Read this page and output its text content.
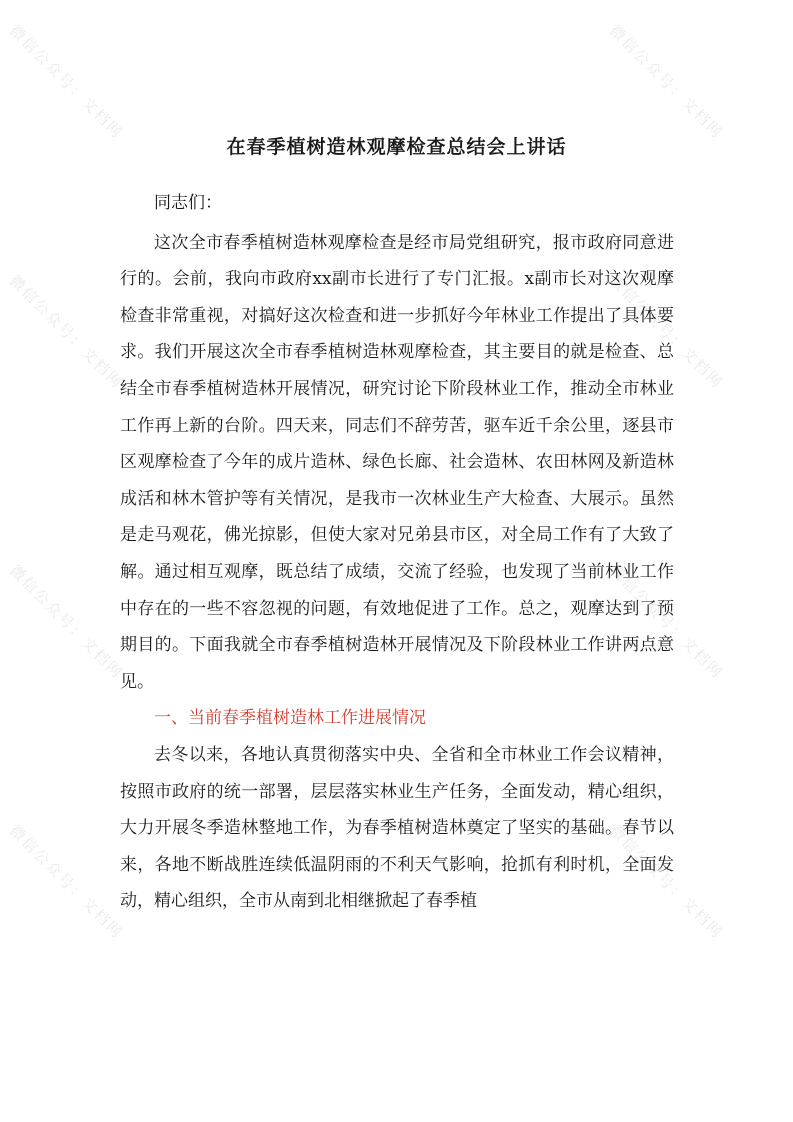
微信公众号：文档网	微信公众号：文档网
微信公众号：文档网	微信公众号：文档网
微信公众号：文档网	微信公众号：文档网
微信公众号：文档网	微信公众号：文档网
在春季植树造林观摩检查总结会上讲话

同志们：

这次全市春季植树造林观摩检查是经市局党组研究，报市政府同意进行的。会前，我向市政府xx副市长进行了专门汇报。x副市长对这次观摩检查非常重视，对搞好这次检查和进一步抓好今年林业工作提出了具体要求。我们开展这次全市春季植树造林观摩检查，其主要目的就是检查、总结全市春季植树造林开展情况，研究讨论下阶段林业工作，推动全市林业工作再上新的台阶。四天来，同志们不辞劳苦，驱车近千余公里，逐县市区观摩检查了今年的成片造林、绿色长廊、社会造林、农田林网及新造林成活和林木管护等有关情况，是我市一次林业生产大检查、大展示。虽然是走马观花，佛光掠影，但使大家对兄弟县市区，对全局工作有了大致了解。通过相互观摩，既总结了成绩，交流了经验，也发现了当前林业工作中存在的一些不容忽视的问题，有效地促进了工作。总之，观摩达到了预期目的。下面我就全市春季植树造林开展情况及下阶段林业工作讲两点意见。

一、当前春季植树造林工作进展情况

去冬以来，各地认真贯彻落实中央、全省和全市林业工作会议精神，按照市政府的统一部署，层层落实林业生产任务，全面发动，精心组织，大力开展冬季造林整地工作，为春季植树造林奠定了坚实的基础。春节以来，各地不断战胜连续低温阴雨的不利天气影响，抢抓有利时机，全面发动，精心组织，全市从南到北相继掀起了春季植
